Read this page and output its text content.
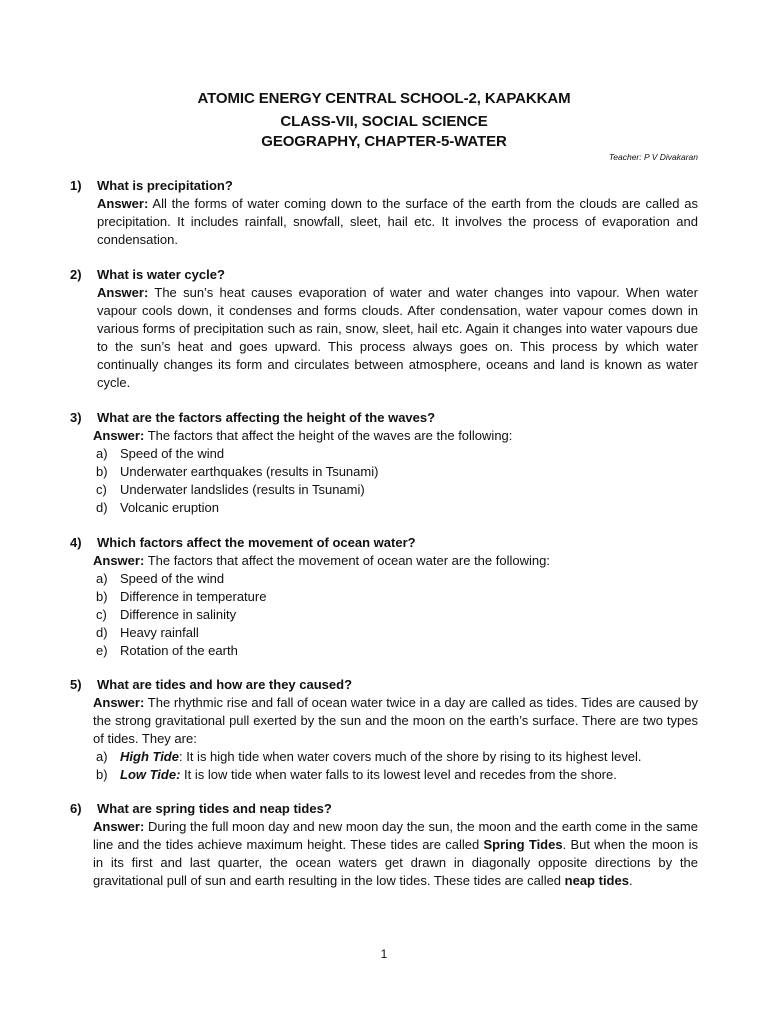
ATOMIC ENERGY CENTRAL SCHOOL-2, KAPAKKAM
CLASS-VII, SOCIAL SCIENCE
GEOGRAPHY, CHAPTER-5-WATER
Teacher: P V Divakaran
1) What is precipitation?
Answer: All the forms of water coming down to the surface of the earth from the clouds are called as precipitation. It includes rainfall, snowfall, sleet, hail etc. It involves the process of evaporation and condensation.
2) What is water cycle?
Answer: The sun’s heat causes evaporation of water and water changes into vapour. When water vapour cools down, it condenses and forms clouds. After condensation, water vapour comes down in various forms of precipitation such as rain, snow, sleet, hail etc. Again it changes into water vapours due to the sun’s heat and goes upward. This process always goes on. This process by which water continually changes its form and circulates between atmosphere, oceans and land is known as water cycle.
3) What are the factors affecting the height of the waves?
Answer: The factors that affect the height of the waves are the following:
a) Speed of the wind
b) Underwater earthquakes (results in Tsunami)
c) Underwater landslides (results in Tsunami)
d) Volcanic eruption
4) Which factors affect the movement of ocean water?
Answer: The factors that affect the movement of ocean water are the following:
a) Speed of the wind
b) Difference in temperature
c) Difference in salinity
d) Heavy rainfall
e) Rotation of the earth
5) What are tides and how are they caused?
Answer: The rhythmic rise and fall of ocean water twice in a day are called as tides. Tides are caused by the strong gravitational pull exerted by the sun and the moon on the earth’s surface. There are two types of tides. They are:
a) High Tide: It is high tide when water covers much of the shore by rising to its highest level.
b) Low Tide: It is low tide when water falls to its lowest level and recedes from the shore.
6) What are spring tides and neap tides?
Answer: During the full moon day and new moon day the sun, the moon and the earth come in the same line and the tides achieve maximum height. These tides are called Spring Tides. But when the moon is in its first and last quarter, the ocean waters get drawn in diagonally opposite directions by the gravitational pull of sun and earth resulting in the low tides. These tides are called neap tides.
1
